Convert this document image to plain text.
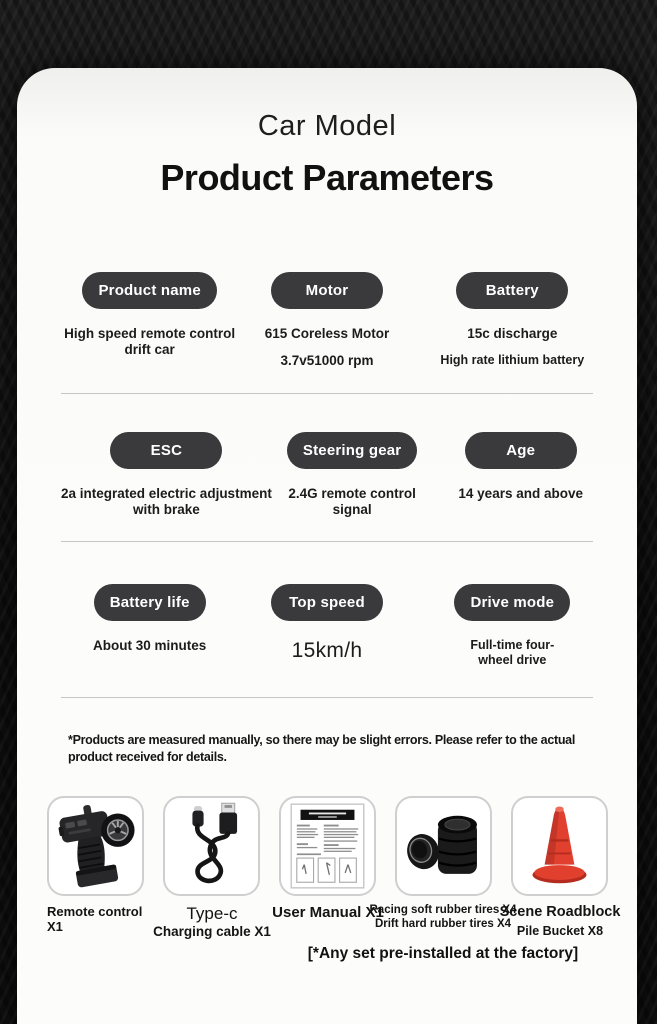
Car Model
Product Parameters
Product name
High speed remote control
drift car
Motor
615 Coreless Motor
3.7v51000 rpm
Battery
15c discharge
High rate lithium battery
ESC
2a integrated electric adjustment
with brake
Steering gear
2.4G remote control
signal
Age
14 years and above
Battery life
About 30 minutes
Top speed
15km/h
Drive mode
Full-time four-
wheel drive
*Products are measured manually, so there may be slight errors. Please refer to the actual product received for details.
Remote control
X1
Type-c
Charging cable X1
User Manual X1
Racing soft rubber tires X4
Drift hard rubber tires X4
Scene Roadblock
Pile Bucket X8
[*Any set pre-installed at the factory]
